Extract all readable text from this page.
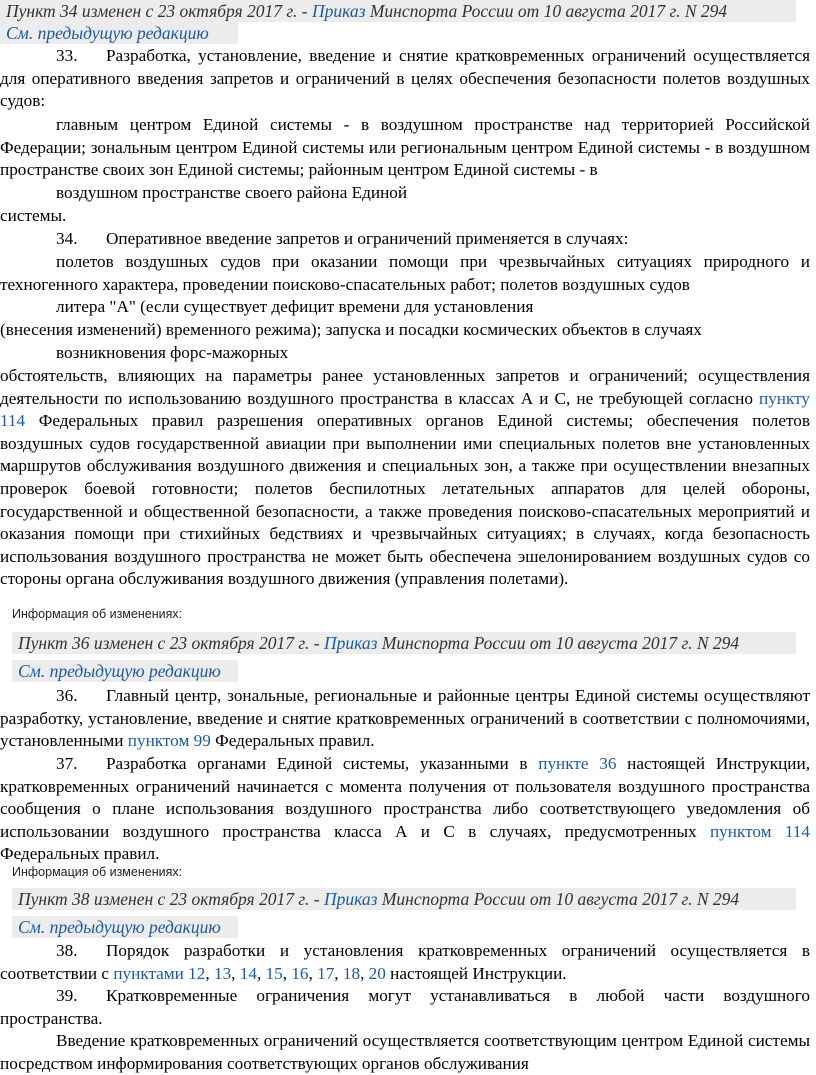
Пункт 34 изменен с 23 октября 2017 г. - Приказ Минспорта России от 10 августа 2017 г. N 294
См. предыдущую редакцию

33. Разработка, установление, введение и снятие кратковременных ограничений осуществляется для оперативного введения запретов и ограничений в целях обеспечения безопасности полетов воздушных судов:

главным центром Единой системы - в воздушном пространстве над территорией Российской Федерации; зональным центром Единой системы или региональным центром Единой системы - в воздушном пространстве своих зон Единой системы; районным центром Единой системы - в

воздушном пространстве своего района Единой

системы.

34. Оперативное введение запретов и ограничений применяется в случаях:

полетов воздушных судов при оказании помощи при чрезвычайных ситуациях природного и техногенного характера, проведении поисково-спасательных работ; полетов воздушных судов

литера "А" (если существует дефицит времени для установления

(внесения изменений) временного режима); запуска и посадки космических объектов в случаях

возникновения форс-мажорных

обстоятельств, влияющих на параметры ранее установленных запретов и ограничений; осуществления деятельности по использованию воздушного пространства в классах А и С, не требующей согласно пункту 114 Федеральных правил разрешения оперативных органов Единой системы; обеспечения полетов воздушных судов государственной авиации при выполнении ими специальных полетов вне установленных маршрутов обслуживания воздушного движения и специальных зон, а также при осуществлении внезапных проверок боевой готовности; полетов беспилотных летательных аппаратов для целей обороны, государственной и общественной безопасности, а также проведения поисково-спасательных мероприятий и оказания помощи при стихийных бедствиях и чрезвычайных ситуациях; в случаях, когда безопасность использования воздушного пространства не может быть обеспечена эшелонированием воздушных судов со стороны органа обслуживания воздушного движения (управления полетами).

Информация об изменениях:
Пункт 36 изменен с 23 октября 2017 г. - Приказ Минспорта России от 10 августа 2017 г. N 294
См. предыдущую редакцию

36. Главный центр, зональные, региональные и районные центры Единой системы осуществляют разработку, установление, введение и снятие кратковременных ограничений в соответствии с полномочиями, установленными пунктом 99 Федеральных правил.

37. Разработка органами Единой системы, указанными в пункте 36 настоящей Инструкции, кратковременных ограничений начинается с момента получения от пользователя воздушного пространства сообщения о плане использования воздушного пространства либо соответствующего уведомления об использовании воздушного пространства класса А и С в случаях, предусмотренных пунктом 114 Федеральных правил.

Информация об изменениях:
Пункт 38 изменен с 23 октября 2017 г. - Приказ Минспорта России от 10 августа 2017 г. N 294
См. предыдущую редакцию

38. Порядок разработки и установления кратковременных ограничений осуществляется в соответствии с пунктами 12, 13, 14, 15, 16, 17, 18, 20 настоящей Инструкции.

39. Кратковременные ограничения могут устанавливаться в любой части воздушного пространства.

Введение кратковременных ограничений осуществляется соответствующим центром Единой системы посредством информирования соответствующих органов обслуживания
